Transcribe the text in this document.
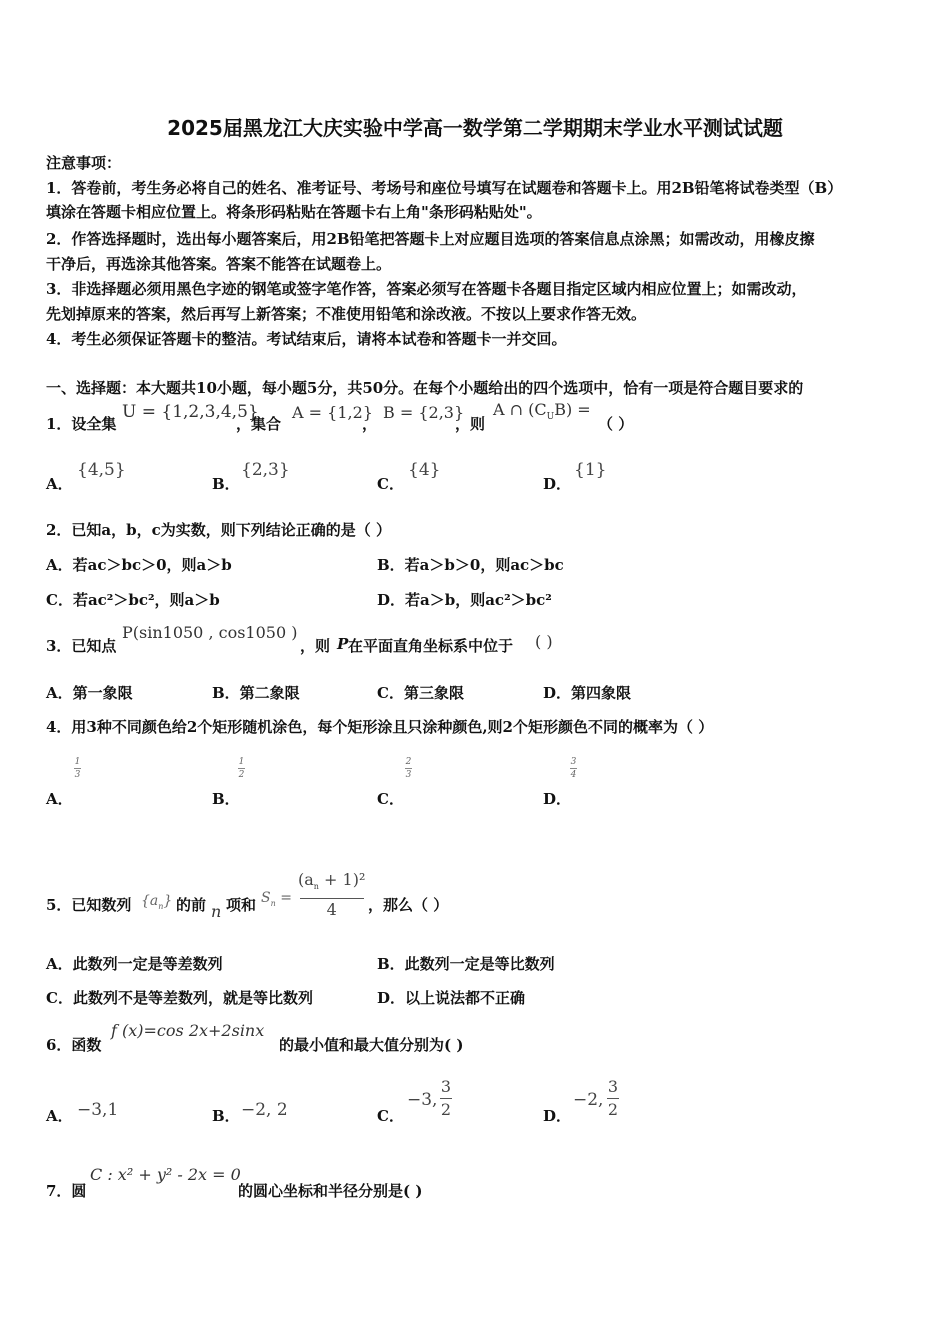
2025届黑龙江大庆实验中学高一数学第二学期期末学业水平测试试题
注意事项：
1．答卷前，考生务必将自己的姓名、准考证号、考场号和座位号填写在试题卷和答题卡上。用2B铅笔将试卷类型（B）
填涂在答题卡相应位置上。将条形码粘贴在答题卡右上角"条形码粘贴处"。
2．作答选择题时，选出每小题答案后，用2B铅笔把答题卡上对应题目选项的答案信息点涂黑；如需改动，用橡皮擦
干净后，再选涂其他答案。答案不能答在试题卷上。
3．非选择题必须用黑色字迹的钢笔或签字笔作答，答案必须写在答题卡各题目指定区域内相应位置上；如需改动，
先划掉原来的答案，然后再写上新答案；不准使用铅笔和涂改液。不按以上要求作答无效。
4．考生必须保证答题卡的整洁。考试结束后，请将本试卷和答题卡一并交回。
一、选择题：本大题共10小题，每小题5分，共50分。在每个小题给出的四个选项中，恰有一项是符合题目要求的
1．设全集
U = {1,2,3,4,5}
，集合
A = {1,2}
，
B = {2,3}
，则
A ∩ $(C_UB)$ =
（ ）
A．
{4,5}
B．
{2,3}
C．
{4}
D．
{1}
2．已知a，b，c为实数，则下列结论正确的是（ ）
A．若ac＞bc＞0，则a＞b	B．若a＞b＞0，则ac＞bc
C．若ac²＞bc²，则a＞b	D．若a＞b，则ac²＞bc²
3．已知点
P(sin1050 , cos1050 )
，则 P 在平面直角坐标系中位于 ( )
A．第一象限	B．第二象限	C．第三象限	D．第四象限
4．用3种不同颜色给2个矩形随机涂色，每个矩形涂且只涂种颜色,则2个矩形颜色不同的概率为（ ）
A．
1
3
B．
1
2
C．
2
3
D．
3
4
5．已知数列 $\{a_n\}$ 的前 n 项和 $S_n$ =
$(a_n + 1)^2$
4 ，那么（ ）
A．此数列一定是等差数列	B．此数列一定是等比数列
C．此数列不是等差数列，就是等比数列	D．以上说法都不正确
6．函数
f (x)=cos 2x+2sinx
的最小值和最大值分别为( )
A． −3,1	B． −2, 2	C．
−3,
3
2	D．
−2,
3
2
7．圆
C : x² + y² - 2x = 0
的圆心坐标和半径分别是( )
